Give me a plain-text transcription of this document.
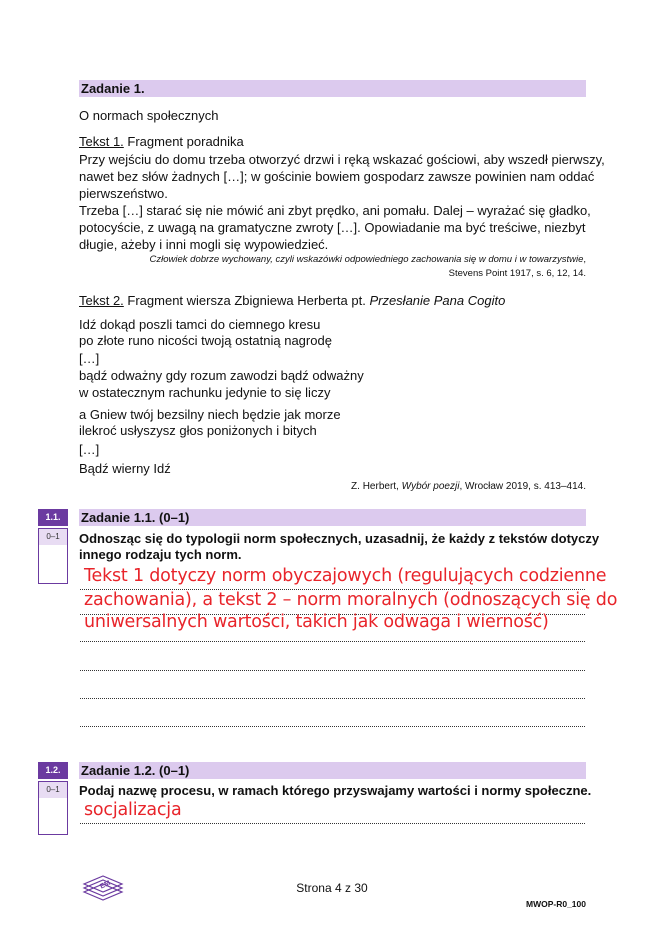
Zadanie 1.
O normach społecznych
Tekst 1. Fragment poradnika
Przy wejściu do domu trzeba otworzyć drzwi i ręką wskazać gościowi, aby wszedł pierwszy,
nawet bez słów żadnych […]; w gościnie bowiem gospodarz zawsze powinien nam oddać
pierwszeństwo.
Trzeba […] starać się nie mówić ani zbyt prędko, ani pomału. Dalej – wyrażać się gładko,
potocyście, z uwagą na gramatyczne zwroty […]. Opowiadanie ma być treściwe, niezbyt
długie, ażeby i inni mogli się wypowiedzieć.
Człowiek dobrze wychowany, czyli wskazówki odpowiedniego zachowania się w domu i w towarzystwie,
Stevens Point 1917, s. 6, 12, 14.
Tekst 2. Fragment wiersza Zbigniewa Herberta pt. Przesłanie Pana Cogito
Idź dokąd poszli tamci do ciemnego kresu
po złote runo nicości twoją ostatnią nagrodę
[…]
bądź odważny gdy rozum zawodzi bądź odważny
w ostatecznym rachunku jedynie to się liczy
a Gniew twój bezsilny niech będzie jak morze
ilekroć usłyszysz głos poniżonych i bitych
[…]
Bądź wierny Idź
Z. Herbert, Wybór poezji, Wrocław 2019, s. 413–414.
1.1.
0–1
Zadanie 1.1. (0–1)
Odnosząc się do typologii norm społecznych, uzasadnij, że każdy z tekstów dotyczy
innego rodzaju tych norm.
Tekst 1 dotyczy norm obyczajowych (regulujących codzienne
zachowania), a tekst 2 – norm moralnych (odnoszących się do
uniwersalnych wartości, takich jak odwaga i wierność)
1.2.
0–1
Zadanie 1.2. (0–1)
Podaj nazwę procesu, w ramach którego przyswajamy wartości i normy społeczne.
socjalizacja
EM	Strona 4 z 30
MWOP-R0_100
